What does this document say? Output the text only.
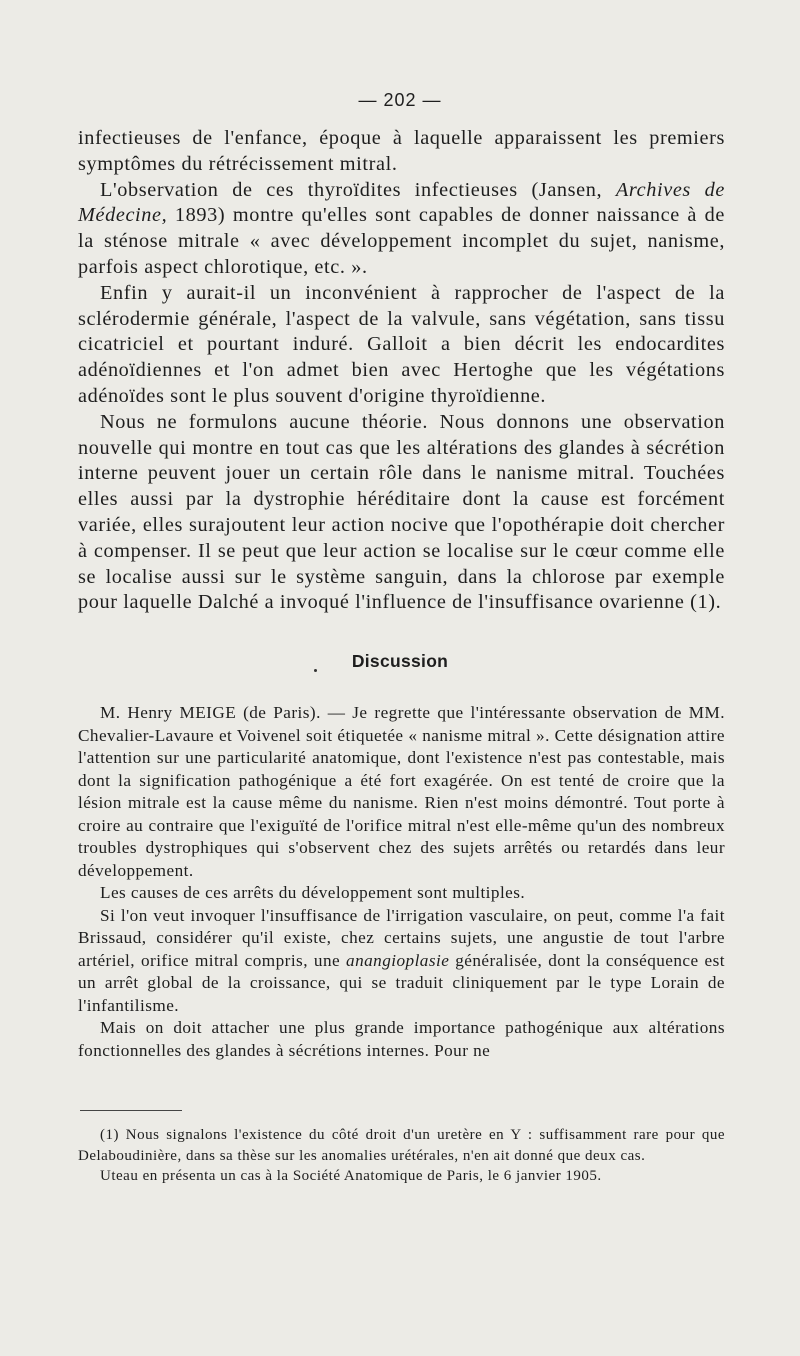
— 202 —

infectieuses de l'enfance, époque à laquelle apparaissent les premiers symptômes du rétrécissement mitral.

L'observation de ces thyroïdites infectieuses (Jansen, Archives de Médecine, 1893) montre qu'elles sont capables de donner naissance à de la sténose mitrale « avec développement incomplet du sujet, nanisme, parfois aspect chlorotique, etc. ».

Enfin y aurait-il un inconvénient à rapprocher de l'aspect de la sclérodermie générale, l'aspect de la valvule, sans végétation, sans tissu cicatriciel et pourtant induré. Galloit a bien décrit les endocardites adénoïdiennes et l'on admet bien avec Hertoghe que les végétations adénoïdes sont le plus souvent d'origine thyroïdienne.

Nous ne formulons aucune théorie. Nous donnons une observation nouvelle qui montre en tout cas que les altérations des glandes à sécrétion interne peuvent jouer un certain rôle dans le nanisme mitral. Touchées elles aussi par la dystrophie héréditaire dont la cause est forcément variée, elles surajoutent leur action nocive que l'opothérapie doit chercher à compenser. Il se peut que leur action se localise sur le cœur comme elle se localise aussi sur le système sanguin, dans la chlorose par exemple pour laquelle Dalché a invoqué l'influence de l'insuffisance ovarienne (1).

Discussion

M. Henry MEIGE (de Paris). — Je regrette que l'intéressante observation de MM. Chevalier-Lavaure et Voivenel soit étiquetée « nanisme mitral ». Cette désignation attire l'attention sur une particularité anatomique, dont l'existence n'est pas contestable, mais dont la signification pathogénique a été fort exagérée. On est tenté de croire que la lésion mitrale est la cause même du nanisme. Rien n'est moins démontré. Tout porte à croire au contraire que l'exiguïté de l'orifice mitral n'est elle-même qu'un des nombreux troubles dystrophiques qui s'observent chez des sujets arrêtés ou retardés dans leur développement.

Les causes de ces arrêts du développement sont multiples.

Si l'on veut invoquer l'insuffisance de l'irrigation vasculaire, on peut, comme l'a fait Brissaud, considérer qu'il existe, chez certains sujets, une angustie de tout l'arbre artériel, orifice mitral compris, une anangioplasie généralisée, dont la conséquence est un arrêt global de la croissance, qui se traduit cliniquement par le type Lorain de l'infantilisme.

Mais on doit attacher une plus grande importance pathogénique aux altérations fonctionnelles des glandes à sécrétions internes. Pour ne

(1) Nous signalons l'existence du côté droit d'un uretère en Y : suffisamment rare pour que Delaboudinière, dans sa thèse sur les anomalies urétérales, n'en ait donné que deux cas.

Uteau en présenta un cas à la Société Anatomique de Paris, le 6 janvier 1905.
